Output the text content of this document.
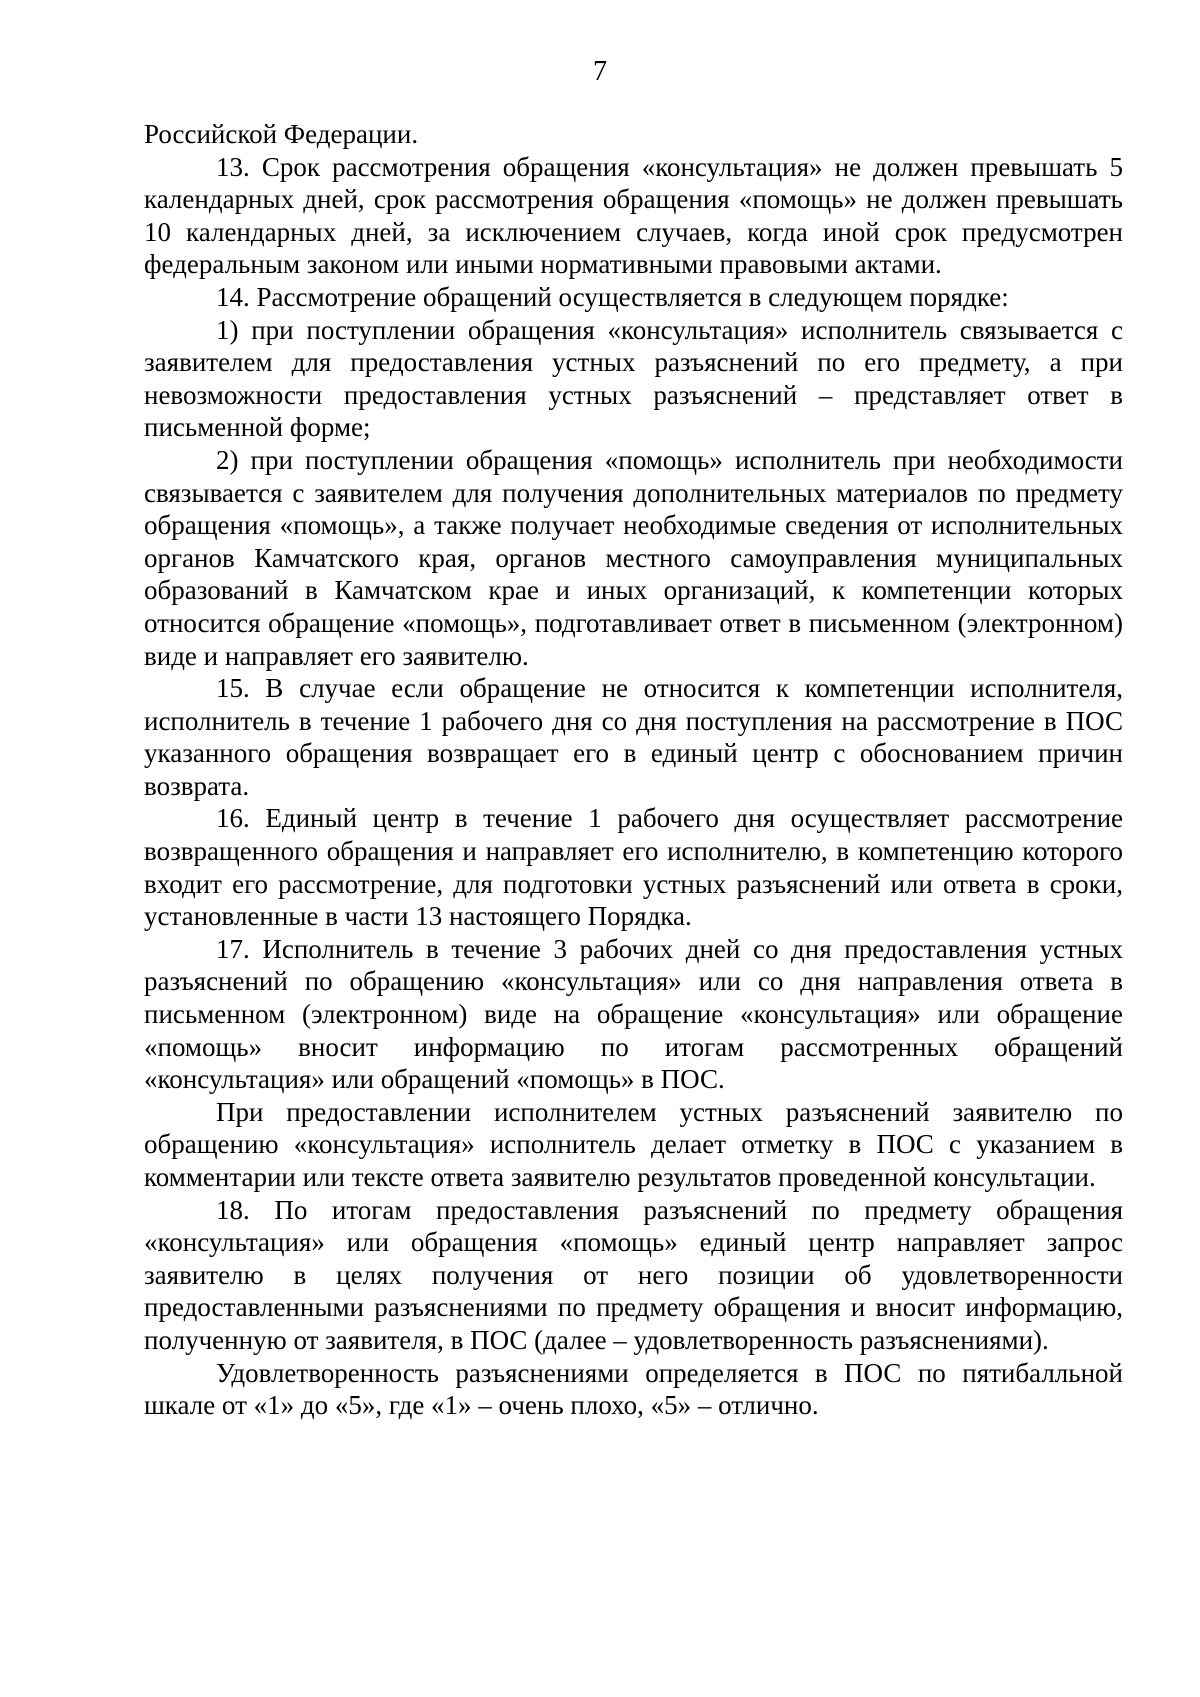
7

Российской Федерации.

13. Срок рассмотрения обращения «консультация» не должен превышать 5 календарных дней, срок рассмотрения обращения «помощь» не должен превышать 10 календарных дней, за исключением случаев, когда иной срок предусмотрен федеральным законом или иными нормативными правовыми актами.

14. Рассмотрение обращений осуществляется в следующем порядке:

1) при поступлении обращения «консультация» исполнитель связывается с заявителем для предоставления устных разъяснений по его предмету, а при невозможности предоставления устных разъяснений – представляет ответ в письменной форме;

2) при поступлении обращения «помощь» исполнитель при необходимости связывается с заявителем для получения дополнительных материалов по предмету обращения «помощь», а также получает необходимые сведения от исполнительных органов Камчатского края, органов местного самоуправления муниципальных образований в Камчатском крае и иных организаций, к компетенции которых относится обращение «помощь», подготавливает ответ в письменном (электронном) виде и направляет его заявителю.

15. В случае если обращение не относится к компетенции исполнителя, исполнитель в течение 1 рабочего дня со дня поступления на рассмотрение в ПОС указанного обращения возвращает его в единый центр с обоснованием причин возврата.

16. Единый центр в течение 1 рабочего дня осуществляет рассмотрение возвращенного обращения и направляет его исполнителю, в компетенцию которого входит его рассмотрение, для подготовки устных разъяснений или ответа в сроки, установленные в части 13 настоящего Порядка.

17. Исполнитель в течение 3 рабочих дней со дня предоставления устных разъяснений по обращению «консультация» или со дня направления ответа в письменном (электронном) виде на обращение «консультация» или обращение «помощь» вносит информацию по итогам рассмотренных обращений «консультация» или обращений «помощь» в ПОС.

При предоставлении исполнителем устных разъяснений заявителю по обращению «консультация» исполнитель делает отметку в ПОС с указанием в комментарии или тексте ответа заявителю результатов проведенной консультации.

18. По итогам предоставления разъяснений по предмету обращения «консультация» или обращения «помощь» единый центр направляет запрос заявителю в целях получения от него позиции об удовлетворенности предоставленными разъяснениями по предмету обращения и вносит информацию, полученную от заявителя, в ПОС (далее – удовлетворенность разъяснениями).

Удовлетворенность разъяснениями определяется в ПОС по пятибалльной шкале от «1» до «5», где «1» – очень плохо, «5» – отлично.
